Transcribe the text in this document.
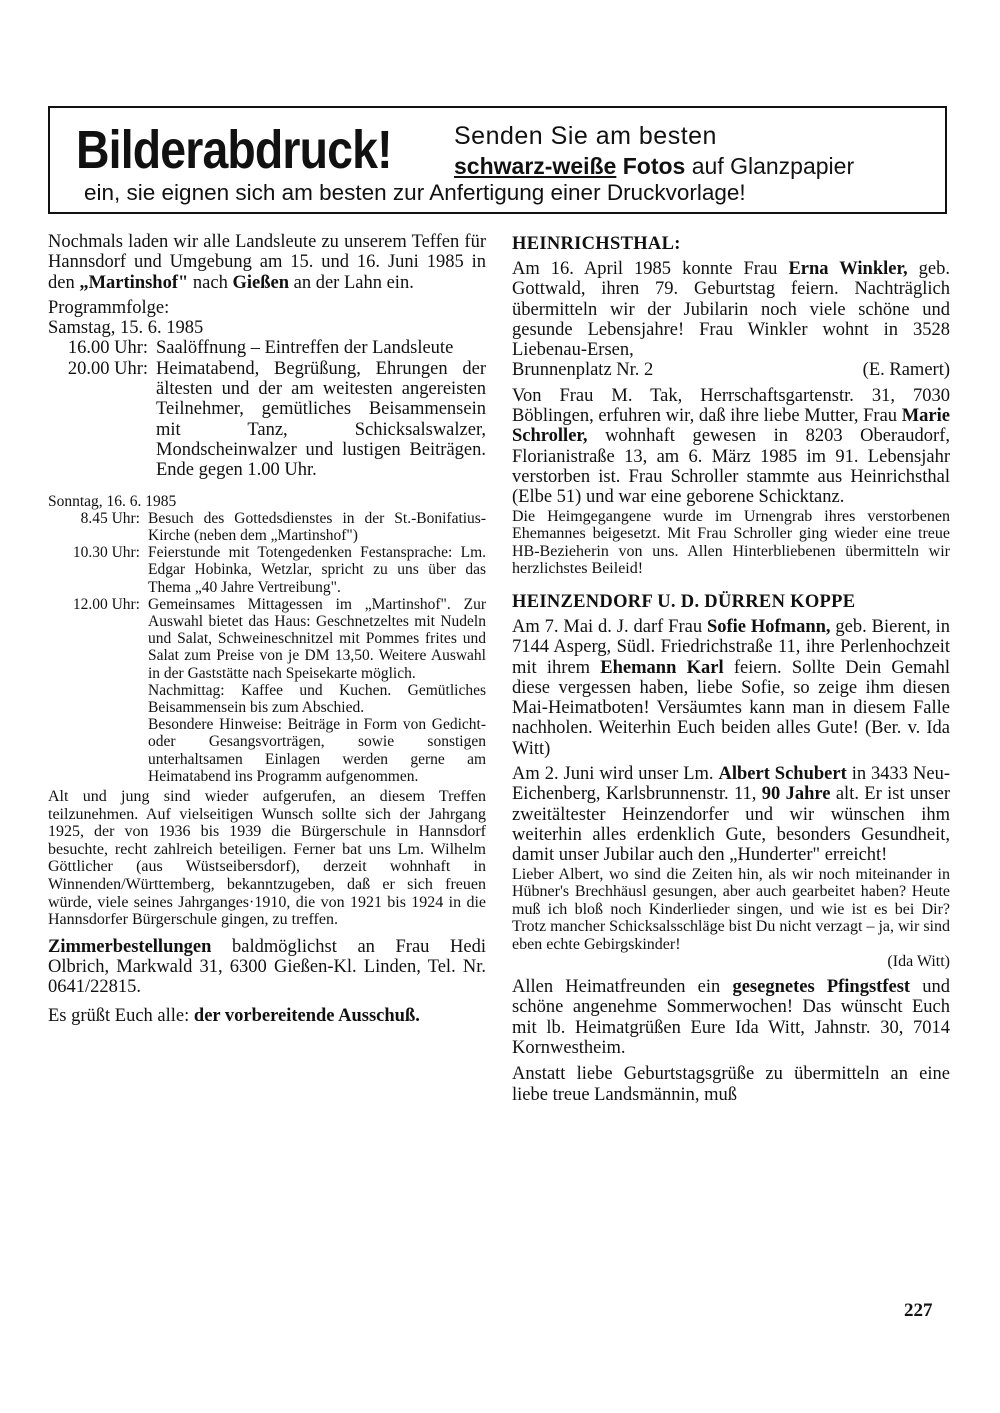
Bilderabdruck! Senden Sie am besten
schwarz-weiße Fotos auf Glanzpapier
ein, sie eignen sich am besten zur Anfertigung einer Druckvorlage!

Nochmals laden wir alle Landsleute zu unserem Teffen für Hannsdorf und Umgebung am 15. und 16. Juni 1985 in den „Martinshof" nach Gießen an der Lahn ein.

Programmfolge:

Samstag, 15. 6. 1985

16.00 Uhr: Saalöffnung – Eintreffen der Landsleute
20.00 Uhr: Heimatabend, Begrüßung, Ehrungen der ältesten und der am weitesten angereisten Teilnehmer, gemütliches Beisammensein mit Tanz, Schicksalswalzer, Mondscheinwalzer und lustigen Beiträgen. Ende gegen 1.00 Uhr.

Sonntag, 16. 6. 1985

8.45 Uhr: Besuch des Gottedsdienstes in der St.-Bonifatius-Kirche (neben dem „Martinshof")
10.30 Uhr: Feierstunde mit Totengedenken Festansprache: Lm. Edgar Hobinka, Wetzlar, spricht zu uns über das Thema „40 Jahre Vertreibung".
12.00 Uhr: Gemeinsames Mittagessen im „Martinshof". Zur Auswahl bietet das Haus: Geschnetzeltes mit Nudeln und Salat, Schweineschnitzel mit Pommes frites und Salat zum Preise von je DM 13,50. Weitere Auswahl in der Gaststätte nach Speisekarte möglich.
Nachmittag: Kaffee und Kuchen. Gemütliches Beisammensein bis zum Abschied.
Besondere Hinweise: Beiträge in Form von Gedicht- oder Gesangsvorträgen, sowie sonstigen unterhaltsamen Einlagen werden gerne am Heimatabend ins Programm aufgenommen.

Alt und jung sind wieder aufgerufen, an diesem Treffen teilzunehmen. Auf vielseitigen Wunsch sollte sich der Jahrgang 1925, der von 1936 bis 1939 die Bürgerschule in Hannsdorf besuchte, recht zahlreich beteiligen. Ferner bat uns Lm. Wilhelm Göttlicher (aus Wüstseibersdorf), derzeit wohnhaft in Winnenden/Württemberg, bekanntzugeben, daß er sich freuen würde, viele seines Jahrganges·1910, die von 1921 bis 1924 in die Hannsdorfer Bürgerschule gingen, zu treffen.

Zimmerbestellungen baldmöglichst an Frau Hedi Olbrich, Markwald 31, 6300 Gießen-Kl. Linden, Tel. Nr. 0641/22815.

Es grüßt Euch alle: der vorbereitende Ausschuß.

HEINRICHSTHAL:

Am 16. April 1985 konnte Frau Erna Winkler, geb. Gottwald, ihren 79. Geburtstag feiern. Nachträglich übermitteln wir der Jubilarin noch viele schöne und gesunde Lebensjahre! Frau Winkler wohnt in 3528 Liebenau-Ersen,

Brunnenplatz Nr. 2	(E. Ramert)

Von Frau M. Tak, Herrschaftsgartenstr. 31, 7030 Böblingen, erfuhren wir, daß ihre liebe Mutter, Frau Marie Schroller, wohnhaft gewesen in 8203 Oberaudorf, Florianistraße 13, am 6. März 1985 im 91. Lebensjahr verstorben ist. Frau Schroller stammte aus Heinrichsthal (Elbe 51) und war eine geborene Schicktanz.

Die Heimgegangene wurde im Urnengrab ihres verstorbenen Ehemannes beigesetzt. Mit Frau Schroller ging wieder eine treue HB-Bezieherin von uns. Allen Hinterbliebenen übermitteln wir herzlichstes Beileid!

HEINZENDORF U. D. DÜRREN KOPPE

Am 7. Mai d. J. darf Frau Sofie Hofmann, geb. Bierent, in 7144 Asperg, Südl. Friedrichstraße 11, ihre Perlenhochzeit mit ihrem Ehemann Karl feiern. Sollte Dein Gemahl diese vergessen haben, liebe Sofie, so zeige ihm diesen Mai-Heimatboten! Versäumtes kann man in diesem Falle nachholen. Weiterhin Euch beiden alles Gute! (Ber. v. Ida Witt)

Am 2. Juni wird unser Lm. Albert Schubert in 3433 Neu-Eichenberg, Karlsbrunnenstr. 11, 90 Jahre alt. Er ist unser zweitältester Heinzendorfer und wir wünschen ihm weiterhin alles erdenklich Gute, besonders Gesundheit, damit unser Jubilar auch den „Hunderter" erreicht!

Lieber Albert, wo sind die Zeiten hin, als wir noch miteinander in Hübner's Brechhäusl gesungen, aber auch gearbeitet haben? Heute muß ich bloß noch Kinderlieder singen, und wie ist es bei Dir? Trotz mancher Schicksalsschläge bist Du nicht verzagt – ja, wir sind eben echte Gebirgskinder!

(Ida Witt)

Allen Heimatfreunden ein gesegnetes Pfingstfest und schöne angenehme Sommerwochen! Das wünscht Euch mit lb. Heimatgrüßen Eure Ida Witt, Jahnstr. 30, 7014 Kornwestheim.

Anstatt liebe Geburtstagsgrüße zu übermitteln an eine liebe treue Landsmännin, muß

227
